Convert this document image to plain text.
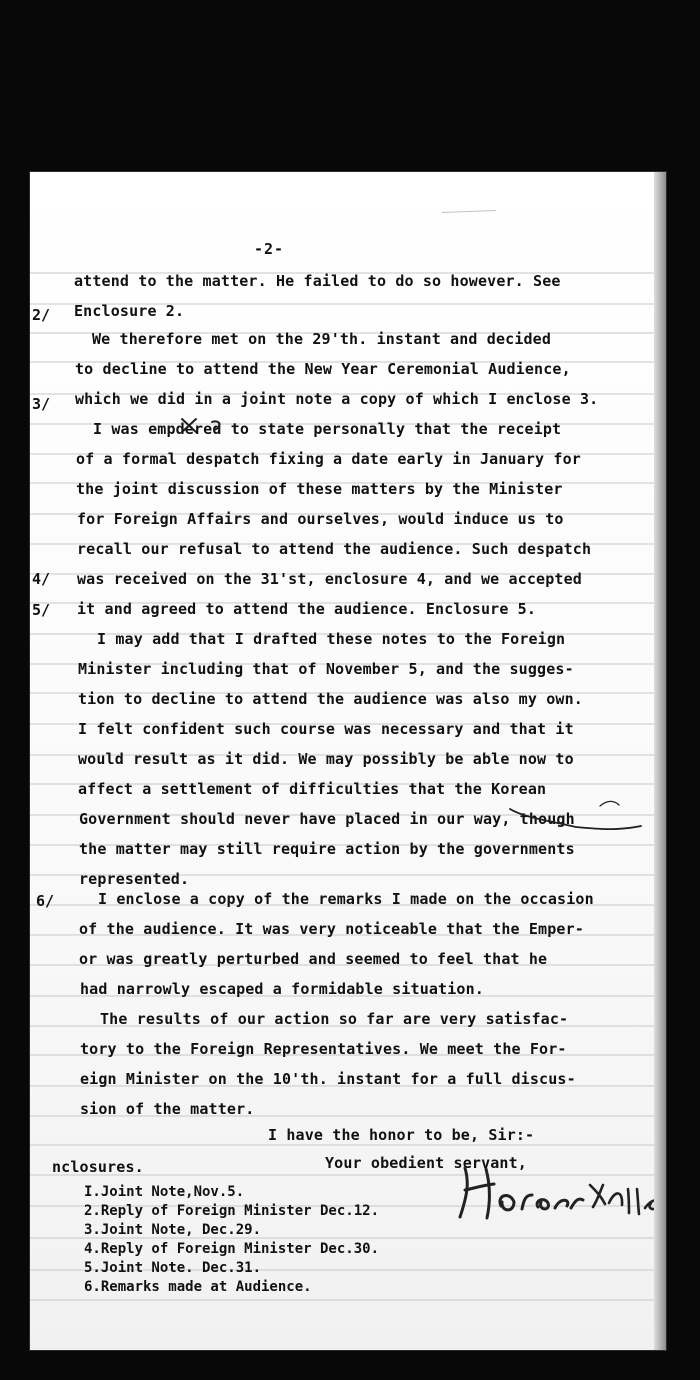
-2-
2/
3/
4/
5/
6/
attend to the matter. He failed to do so however. See
Enclosure 2.
We therefore met on the 29'th. instant and decided
to decline to attend the New Year Ceremonial Audience,
which we did in a joint note a copy of which I enclose 3.
I was empdered to state personally that the receipt
of a formal despatch fixing a date early in January for
the joint discussion of these matters by the Minister
for Foreign Affairs and ourselves, would induce us to
recall our refusal to attend the audience. Such despatch
was received on the 31'st, enclosure 4, and we accepted
it and agreed to attend the audience. Enclosure 5.
I may add that I drafted these notes to the Foreign
Minister including that of November 5, and the sugges-
tion to decline to attend the audience was also my own.
I felt confident such course was necessary and that it
would result as it did. We may possibly be able now to
affect a settlement of difficulties that the Korean
Government should never have placed in our way, though
the matter may still require action by the governments
represented.
I enclose a copy of the remarks I made on the occasion
of the audience. It was very noticeable that the Emper-
or was greatly perturbed and seemed to feel that he
had narrowly escaped a formidable situation.
The results of our action so far are very satisfac-
tory to the Foreign Representatives. We meet the For-
eign Minister on the 10'th. instant for a full discus-
sion of the matter.
I have the honor to be, Sir:-
Your obedient servant,
nclosures.
I.Joint Note,Nov.5.
2.Reply of Foreign Minister Dec.12.
3.Joint Note, Dec.29.
4.Reply of Foreign Minister Dec.30.
5.Joint Note. Dec.31.
6.Remarks made at Audience.
